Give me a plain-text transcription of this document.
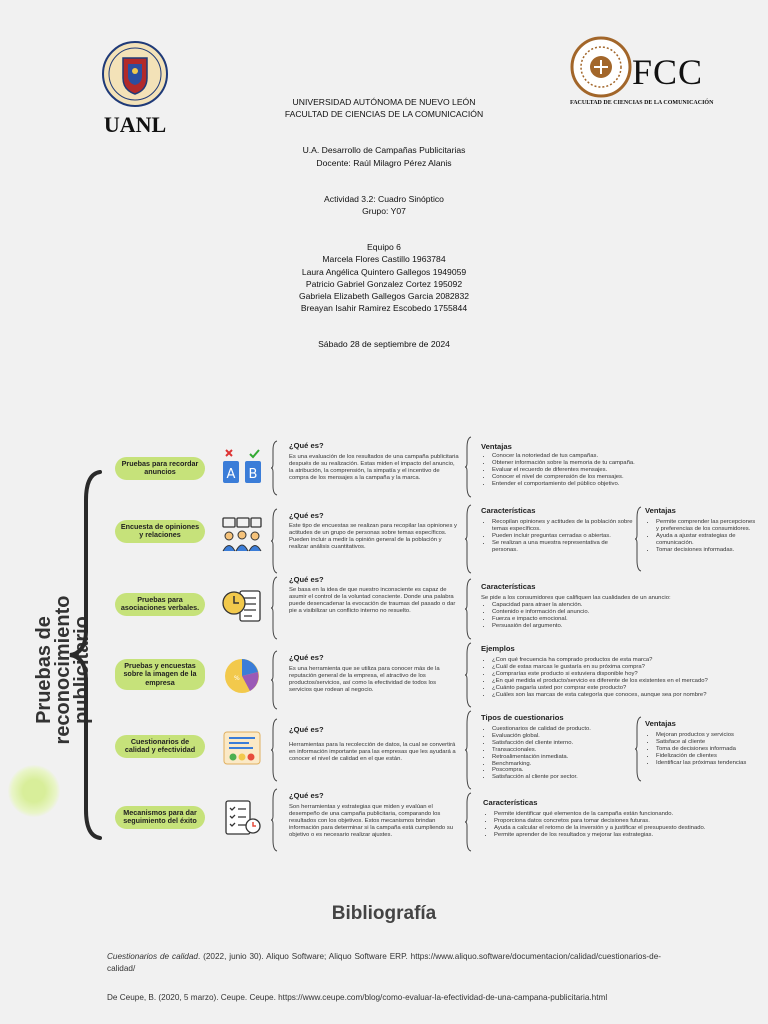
UANL
FCC
FACULTAD DE CIENCIAS DE LA COMUNICACIÓN

UNIVERSIDAD AUTÓNOMA DE NUEVO LEÓN

FACULTAD DE CIENCIAS DE LA COMUNICACIÓN

U.A. Desarrollo de Campañas Publicitarias

Docente: Raúl Milagro Pérez Alanis

Actividad 3.2: Cuadro Sinóptico

Grupo: Y07

Equipo 6

Marcela Flores Castillo 1963784

Laura Angélica Quintero Gallegos 1949059

Patricio Gabriel Gonzalez Cortez 195092

Gabriela Elizabeth Gallegos Garcia 2082832

Breayan Isahir Ramirez Escobedo 1755844

Sábado 28 de septiembre de 2024

Pruebas de reconocimiento publicitario
Pruebas para recordar anuncios
Encuesta de opiniones y relaciones
Pruebas para asociaciones verbales.
Pruebas y encuestas sobre la imagen de la empresa
Cuestionarios de calidad y efectividad
Mecanismos para dar seguimiento del éxito
A B
%
¿Qué es?
Es una evaluación de los resultados de una campaña publicitaria después de su realización. Estas miden el impacto del anuncio, la atribución, la comprensión, la simpatía y el incentivo de compra de los mensajes a la campaña y la marca.
¿Qué es?
Este tipo de encuestas se realizan para recopilar las opiniones y actitudes de un grupo de personas sobre temas específicos. Pueden incluir a medir la opinión general de la población y realizar análisis cuantitativos.
¿Qué es?
Se basa en la idea de que nuestro inconsciente es capaz de asumir el control de la voluntad consciente. Donde una palabra puede desencadenar la evocación de traumas del pasado o dar pie a visibilizar un conflicto interno no resuelto.
¿Qué es?
Es una herramienta que se utiliza para conocer más de la reputación general de la empresa, el atractivo de los productos/servicios, así como la efectividad de todos los servicios que rodean al negocio.
¿Qué es?
Herramientas para la recolección de datos, la cual se convertirá en información importante para las empresas que les ayudará a conocer el nivel de calidad en el que están.
¿Qué es?
Son herramientas y estrategias que miden y evalúan el desempeño de una campaña publicitaria, comparando los resultados con los objetivos. Estos mecanismos brindan información para determinar si la campaña está cumpliendo su objetivo o es necesario realizar ajustes.
Ventajas
• Conocer la notoriedad de tus campañas.
• Obtener información sobre la memoria de tu campaña.
• Evaluar el recuerdo de diferentes mensajes.
• Conocer el nivel de comprensión de los mensajes.
• Entender el comportamiento del público objetivo.
Características
• Recopilan opiniones y actitudes de la población sobre temas específicos.
• Pueden incluir preguntas cerradas o abiertas.
• Se realizan a una muestra representativa de personas.
Ventajas
• Permite comprender las percepciones y preferencias de los consumidores.
• Ayuda a ajustar estrategias de comunicación.
• Tomar decisiones informadas.
Características
Se pide a los consumidores que califiquen las cualidades de un anuncio:
• Capacidad para atraer la atención.
• Contenido e información del anuncio.
• Fuerza e impacto emocional.
• Persuasión del argumento.
Ejemplos
• ¿Con qué frecuencia ha comprado productos de esta marca?
• ¿Cuál de estas marcas le gustaría en su próxima compra?
• ¿Comprarías este producto si estuviera disponible hoy?
• ¿En qué medida el producto/servicio es diferente de los existentes en el mercado?
• ¿Cuánto pagaría usted por comprar este producto?
• ¿Cuáles son las marcas de esta categoría que conoces, aunque sea por nombre?
Tipos de cuestionarios
• Cuestionarios de calidad de producto.
• Evaluación global.
• Satisfacción del cliente interno.
• Transaccionales.
• Retroalimentación inmediata.
• Benchmarking.
• Poscompra.
• Satisfacción al cliente por sector.
Ventajas
• Mejoran productos y servicios
• Satisface al cliente
• Toma de decisiones informada
• Fidelización de clientes
• Identificar las próximas tendencias
Características
• Permite identificar qué elementos de la campaña están funcionando.
• Proporciona datos concretos para tomar decisiones futuras.
• Ayuda a calcular el retorno de la inversión y a justificar el presupuesto destinado.
• Permite aprender de los resultados y mejorar las estrategias.
Bibliografía
Cuestionarios de calidad. (2022, junio 30). Aliquo Software; Aliquo Software ERP. https://www.aliquo.software/documentacion/calidad/cuestionarios-de-calidad/
De Ceupe, B. (2020, 5 marzo). Ceupe. Ceupe. https://www.ceupe.com/blog/como-evaluar-la-efectividad-de-una-campana-publicitaria.html
